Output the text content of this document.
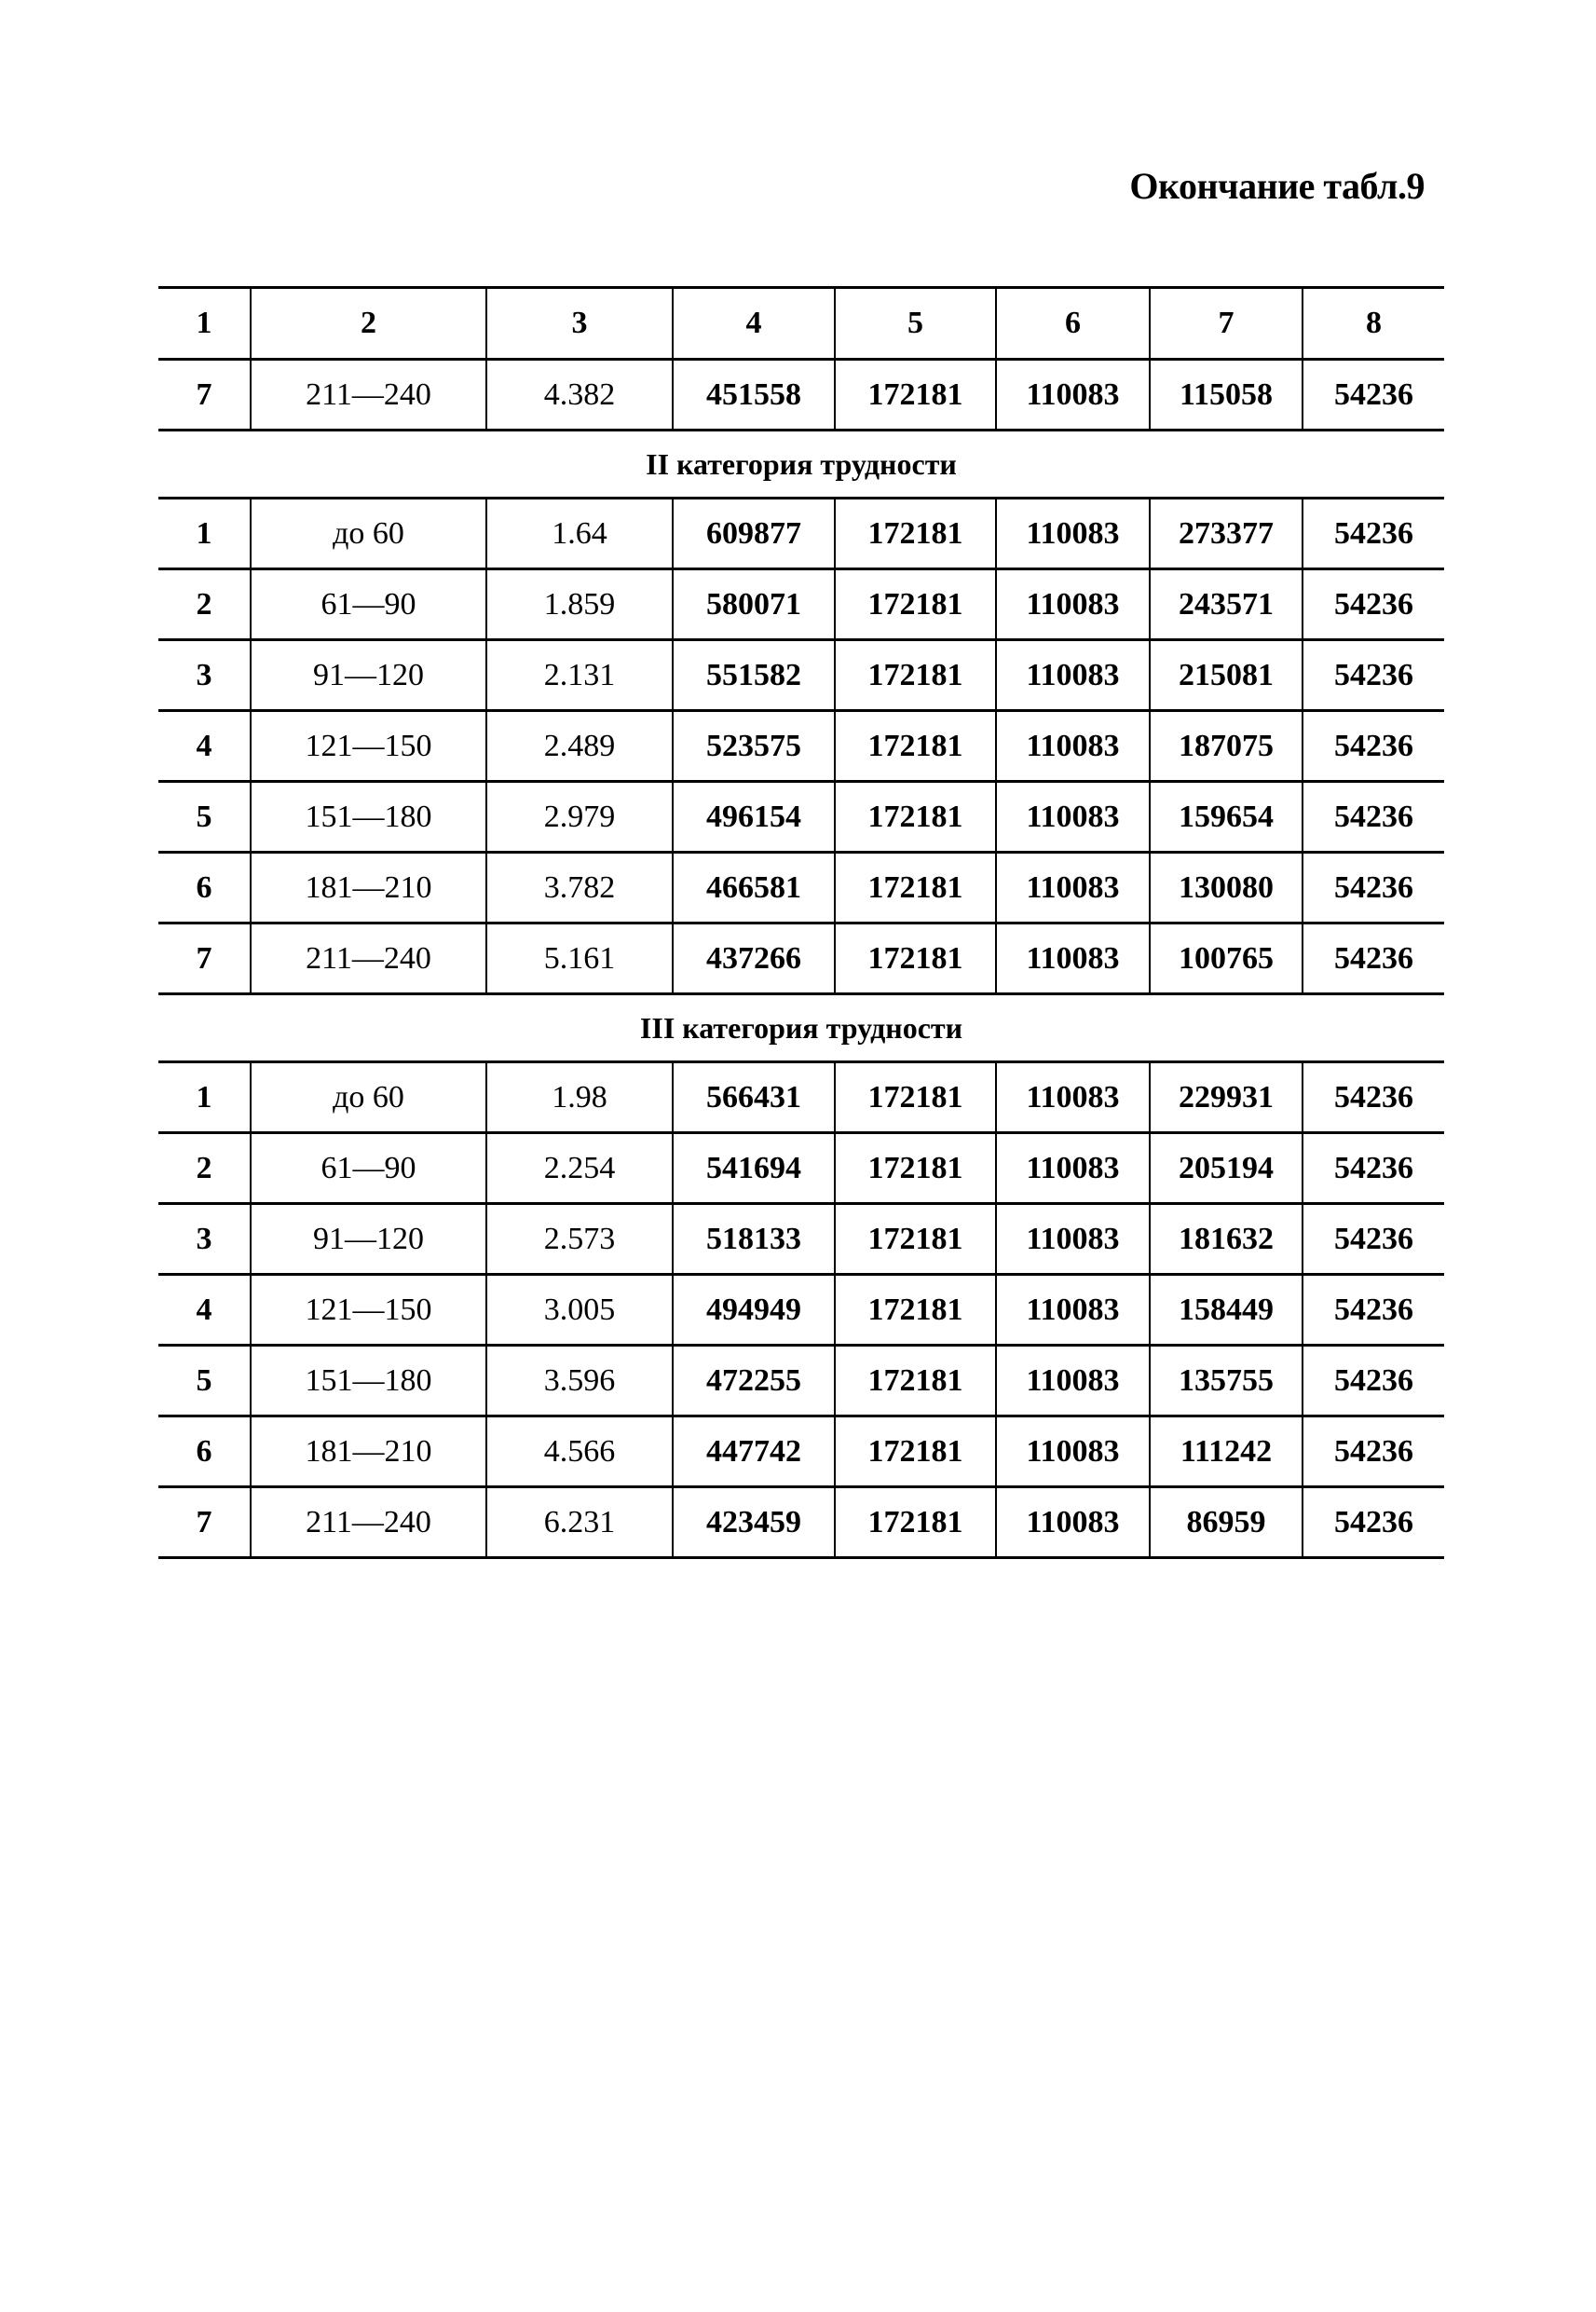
Окончание табл.9
1	2	3	4	5	6	7	8
7	211—240	4.382	451558	172181	110083	115058	54236
II категория трудности							
1	до 60	1.64	609877	172181	110083	273377	54236
2	61—90	1.859	580071	172181	110083	243571	54236
3	91—120	2.131	551582	172181	110083	215081	54236
4	121—150	2.489	523575	172181	110083	187075	54236
5	151—180	2.979	496154	172181	110083	159654	54236
6	181—210	3.782	466581	172181	110083	130080	54236
7	211—240	5.161	437266	172181	110083	100765	54236
III категория трудности							
1	до 60	1.98	566431	172181	110083	229931	54236
2	61—90	2.254	541694	172181	110083	205194	54236
3	91—120	2.573	518133	172181	110083	181632	54236
4	121—150	3.005	494949	172181	110083	158449	54236
5	151—180	3.596	472255	172181	110083	135755	54236
6	181—210	4.566	447742	172181	110083	111242	54236
7	211—240	6.231	423459	172181	110083	86959	54236
